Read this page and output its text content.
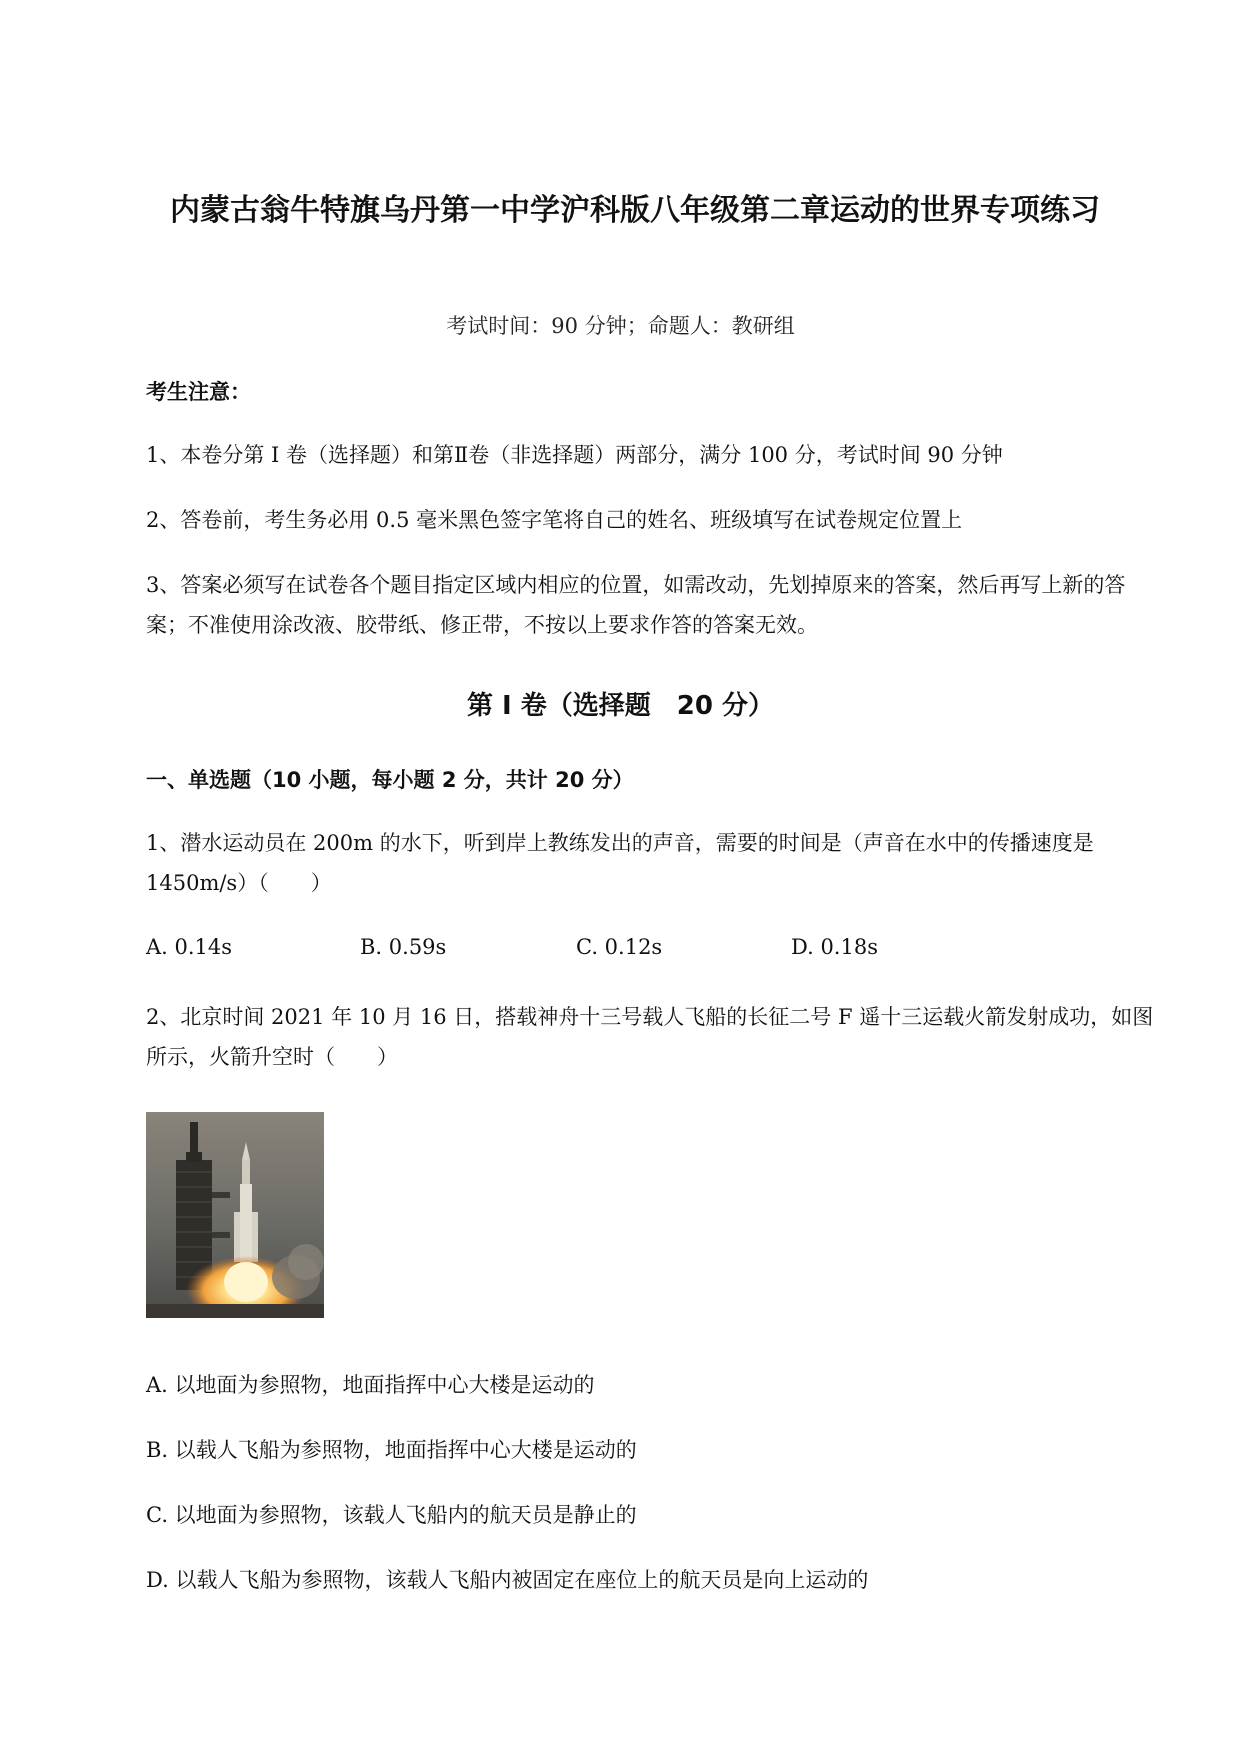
内蒙古翁牛特旗乌丹第一中学沪科版八年级第二章运动的世界专项练习
考试时间：90 分钟；命题人：教研组
考生注意：
1、本卷分第 I 卷（选择题）和第Ⅱ卷（非选择题）两部分，满分 100 分，考试时间 90 分钟
2、答卷前，考生务必用 0.5 毫米黑色签字笔将自己的姓名、班级填写在试卷规定位置上
3、答案必须写在试卷各个题目指定区域内相应的位置，如需改动，先划掉原来的答案，然后再写上新的答案；不准使用涂改液、胶带纸、修正带，不按以上要求作答的答案无效。
第 I 卷（选择题　20 分）
一、单选题（10 小题，每小题 2 分，共计 20 分）
1、潜水运动员在 200m 的水下，听到岸上教练发出的声音，需要的时间是（声音在水中的传播速度是 1450m/s）（　　）
A. 0.14s	B. 0.59s	C. 0.12s	D. 0.18s
2、北京时间 2021 年 10 月 16 日，搭载神舟十三号载人飞船的长征二号 F 遥十三运载火箭发射成功，如图所示，火箭升空时（　　）
A. 以地面为参照物，地面指挥中心大楼是运动的
B. 以载人飞船为参照物，地面指挥中心大楼是运动的
C. 以地面为参照物，该载人飞船内的航天员是静止的
D. 以载人飞船为参照物，该载人飞船内被固定在座位上的航天员是向上运动的
